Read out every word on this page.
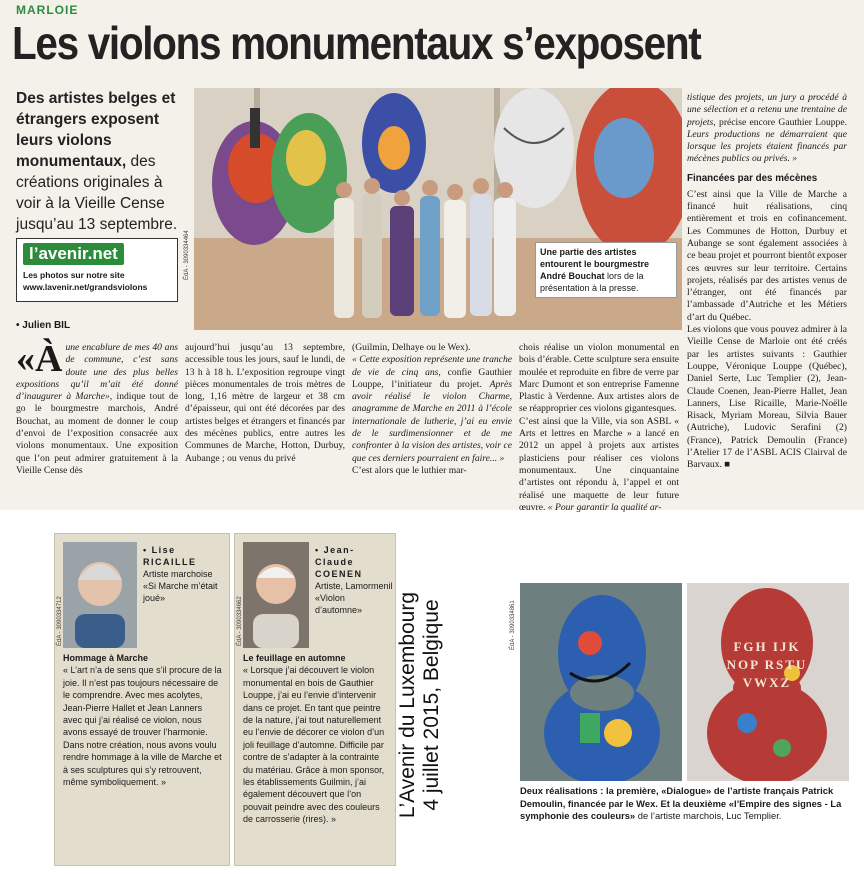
MARLOIE
Les violons monumentaux s’exposent
Des artistes belges et étrangers exposent leurs violons monumentaux, des créations originales à voir à la Vieille Cense jusqu’au 13 septembre.
l’avenir.net

Les photos sur notre site
www.lavenir.net/grandsviolons

• Julien BIL
ÉdA - 3090334464	Une partie des artistes entourent le bourgmestre André Bouchat lors de la présentation à la presse.
«À une encablure de mes 40 ans de commune, c’est sans doute une des plus belles expositions qu’il m’ait été donné d’inaugurer à Marche», indique tout de go le bourgmestre marchois, André Bouchat, au moment de donner le coup d’envoi de l’exposition consacrée aux violons monumentaux. Une exposition que l’on peut admirer gratuitement à la Vieille Cense dès
aujourd’hui jusqu’au 13 septembre, accessible tous les jours, sauf le lundi, de 13 h à 18 h. L’exposition regroupe vingt pièces monumentales de trois mètres de long, 1,16 mètre de largeur et 38 cm d’épaisseur, qui ont été décorées par des artistes belges et étrangers et financés par des mécènes publics, entre autres les Communes de Marche, Hotton, Durbuy, Aubange ; ou venus du privé
(Guilmin, Delhaye ou le Wex).
« Cette exposition représente une tranche de vie de cinq ans, confie Gauthier Louppe, l’initiateur du projet. Après avoir réalisé le violon Charme, anagramme de Marche en 2011 à l’école internationale de lutherie, j’ai eu envie de le surdimensionner et de me confronter à la vision des artistes, voir ce que ces derniers pourraient en faire... »
C’est alors que le luthier mar-
chois réalise un violon monumental en bois d’érable. Cette sculpture sera ensuite moulée et reproduite en fibre de verre par Marc Dumont et son entreprise Famenne Plastic à Verdenne. Aux artistes alors de se réapproprier ces violons gigantesques.
C’est ainsi que la Ville, via son ASBL « Arts et lettres en Marche » a lancé en 2012 un appel à projets aux artistes plasticiens pour réaliser ces violons monumentaux. Une cinquantaine d’artistes ont répondu à, l’appel et ont réalisé une maquette de leur future œuvre. « Pour garantir la qualité ar-
tistique des projets, un jury a procédé à une sélection et a retenu une trentaine de projets, précise encore Gauthier Louppe. Leurs productions ne démarraient que lorsque les projets étaient financés par mécènes publics ou privés. »
Financées par des mécènes
C’est ainsi que la Ville de Marche a financé huit réalisations, cinq entièrement et trois en cofinancement. Les Communes de Hotton, Durbuy et Aubange se sont également associées à ce beau projet et pourront bientôt exposer ces œuvres sur leur territoire. Certains projets, réalisés par des artistes venus de l’étranger, ont été financés par l’ambassade d’Autriche et les Métiers d’art du Québec.
Les violons que vous pouvez admirer à la Vieille Cense de Marloie ont été créés par les artistes suivants : Gauthier Louppe, Véronique Louppe (Québec), Daniel Serte, Luc Templier (2), Jean-Claude Coenen, Jean-Pierre Hallet, Jean Lanners, Lise Ricaille, Marie-Noëlle Risack, Myriam Moreau, Silvia Bauer (Autriche), Ludovic Serafini (2) (France), Patrick Demoulin (France) l’Atelier 17 de l’ASBL ACIS Clairval de Barvaux. ■
ÉdA - 3090334712
• Lise
RICAILLE
Artiste marchoise
«Si Marche m’était joué»
Hommage à Marche
« L’art n’a de sens que s’il procure de la joie. Il n’est pas toujours nécessaire de le comprendre. Avec mes acolytes, Jean-Pierre Hallet et Jean Lanners avec qui j’ai réalisé ce violon, nous avons essayé de trouver l’harmonie. Dans notre création, nous avons voulu rendre hommage à la ville de Marche et à ses sculptures qui s’y retrouvent, même symboliquement. »
ÉdA - 3090334662
• Jean-
Claude
COENEN
Artiste, Lamormenil
«Violon d’automne»
Le feuillage en automne
« Lorsque j’ai découvert le violon monumental en bois de Gauthier Louppe, j’ai eu l’envie d’intervenir dans ce projet. En tant que peintre de la nature, j’ai tout naturellement eu l’envie de décorer ce violon d’un joli feuillage d’automne. Difficile par contre de s’adapter à la contrainte du matériau. Grâce à mon sponsor, les établissements Guilmin, j’ai également découvert que l’on pouvait peindre avec des couleurs de carrosserie (rires). »
L’Avenir du Luxembourg 4 juillet 2015, Belgique	ÉdA - 3090334861	FGH IJK NOP RSTU VWXZ
Deux réalisations : la première, «Dialogue» de l’artiste français Patrick Demoulin, financée par le Wex. Et la deuxième «l’Empire des signes - La symphonie des couleurs» de l’artiste marchois, Luc Templier.
